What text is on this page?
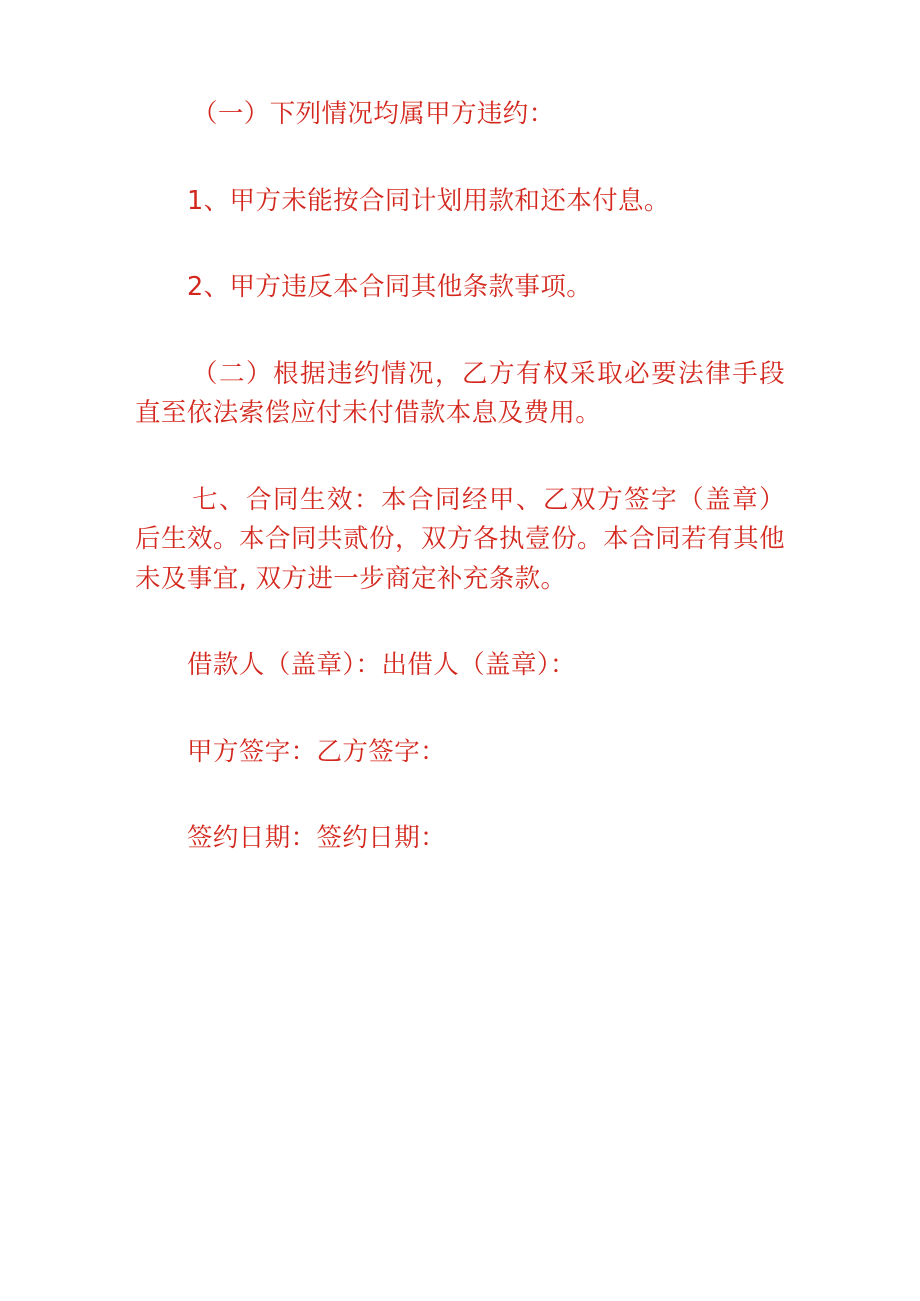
（一）下列情况均属甲方违约：

1、甲方未能按合同计划用款和还本付息。

2、甲方违反本合同其他条款事项。

（二）根据违约情况，乙方有权采取必要法律手段直至依法索偿应付未付借款本息及费用。

七、合同生效：本合同经甲、乙双方签字（盖章）后生效。本合同共贰份，双方各执壹份。本合同若有其他未及事宜, 双方进一步商定补充条款。

借款人（盖章）：出借人（盖章）：

甲方签字：乙方签字：

签约日期：签约日期：
